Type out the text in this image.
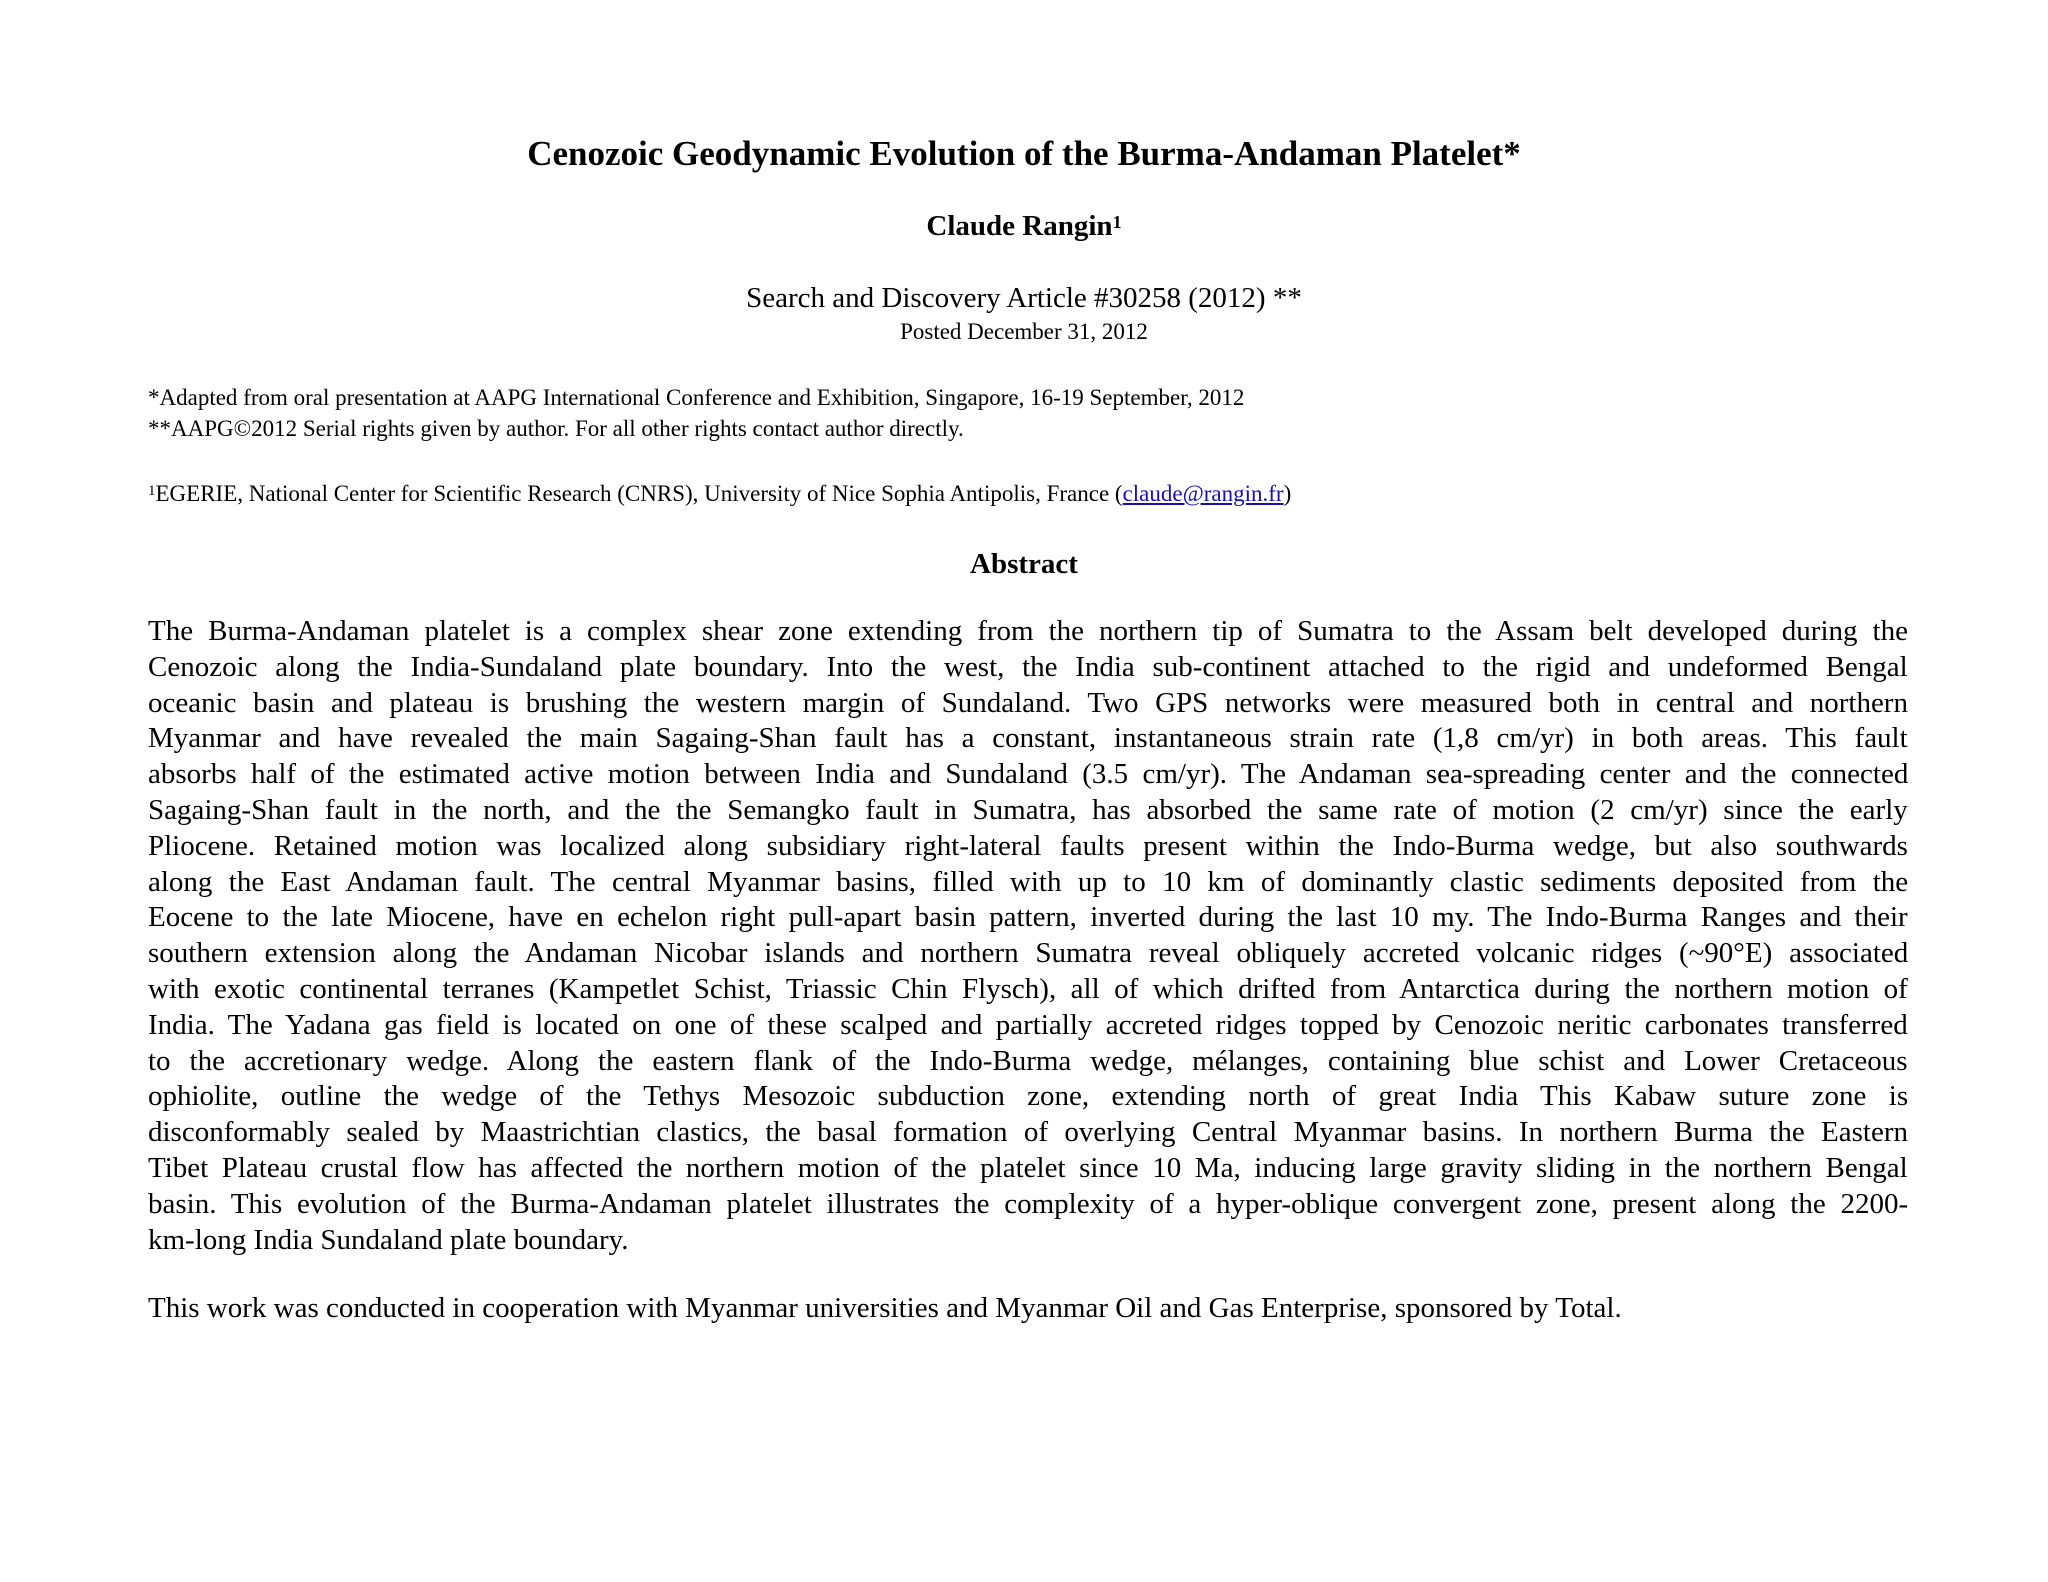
Cenozoic Geodynamic Evolution of the Burma-Andaman Platelet*
Claude Rangin$^1$
Search and Discovery Article #30258 (2012) **
Posted December 31, 2012
*Adapted from oral presentation at AAPG International Conference and Exhibition, Singapore, 16-19 September, 2012
**AAPG©2012 Serial rights given by author. For all other rights contact author directly.
$^1$EGERIE, National Center for Scientific Research (CNRS), University of Nice Sophia Antipolis, France (claude@rangin.fr)
Abstract
The Burma-Andaman platelet is a complex shear zone extending from the northern tip of Sumatra to the Assam belt developed during the
Cenozoic along the India-Sundaland plate boundary. Into the west, the India sub-continent attached to the rigid and undeformed Bengal
oceanic basin and plateau is brushing the western margin of Sundaland. Two GPS networks were measured both in central and northern
Myanmar and have revealed the main Sagaing-Shan fault has a constant, instantaneous strain rate (1,8 cm/yr) in both areas. This fault
absorbs half of the estimated active motion between India and Sundaland (3.5 cm/yr). The Andaman sea-spreading center and the connected
Sagaing-Shan fault in the north, and the the Semangko fault in Sumatra, has absorbed the same rate of motion (2 cm/yr) since the early
Pliocene. Retained motion was localized along subsidiary right-lateral faults present within the Indo-Burma wedge, but also southwards
along the East Andaman fault. The central Myanmar basins, filled with up to 10 km of dominantly clastic sediments deposited from the
Eocene to the late Miocene, have en echelon right pull-apart basin pattern, inverted during the last 10 my. The Indo-Burma Ranges and their
southern extension along the Andaman Nicobar islands and northern Sumatra reveal obliquely accreted volcanic ridges (~90°E) associated
with exotic continental terranes (Kampetlet Schist, Triassic Chin Flysch), all of which drifted from Antarctica during the northern motion of
India. The Yadana gas field is located on one of these scalped and partially accreted ridges topped by Cenozoic neritic carbonates transferred
to the accretionary wedge. Along the eastern flank of the Indo-Burma wedge, mélanges, containing blue schist and Lower Cretaceous
ophiolite, outline the wedge of the Tethys Mesozoic subduction zone, extending north of great India This Kabaw suture zone is
disconformably sealed by Maastrichtian clastics, the basal formation of overlying Central Myanmar basins. In northern Burma the Eastern
Tibet Plateau crustal flow has affected the northern motion of the platelet since 10 Ma, inducing large gravity sliding in the northern Bengal
basin. This evolution of the Burma-Andaman platelet illustrates the complexity of a hyper-oblique convergent zone, present along the 2200-
km-long India Sundaland plate boundary.
This work was conducted in cooperation with Myanmar universities and Myanmar Oil and Gas Enterprise, sponsored by Total.
